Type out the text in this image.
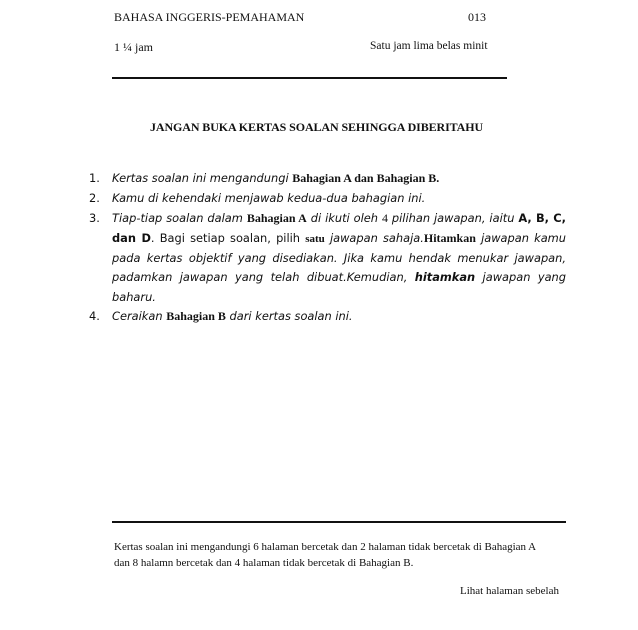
BAHASA INGGERIS-PEMAHAMAN	013
1 ¼ jam	Satu jam lima belas minit
JANGAN BUKA KERTAS SOALAN SEHINGGA DIBERITAHU
1. Kertas soalan ini mengandungi Bahagian A dan Bahagian B.
2. Kamu di kehendaki menjawab kedua-dua bahagian ini.
3. Tiap-tiap soalan dalam Bahagian A di ikuti oleh 4 pilihan jawapan, iaitu A, B, C,
dan D. Bagi setiap soalan, pilih satu jawapan sahaja.Hitamkan jawapan kamu
pada kertas objektif yang disediakan. Jika kamu hendak menukar jawapan,
padamkan jawapan yang telah dibuat.Kemudian, hitamkan jawapan yang
baharu.
4. Ceraikan Bahagian B dari kertas soalan ini.
Kertas soalan ini mengandungi 6 halaman bercetak dan 2 halaman tidak bercetak di Bahagian A
dan 8 halamn bercetak dan 4 halaman tidak bercetak di Bahagian B.
Lihat halaman sebelah
